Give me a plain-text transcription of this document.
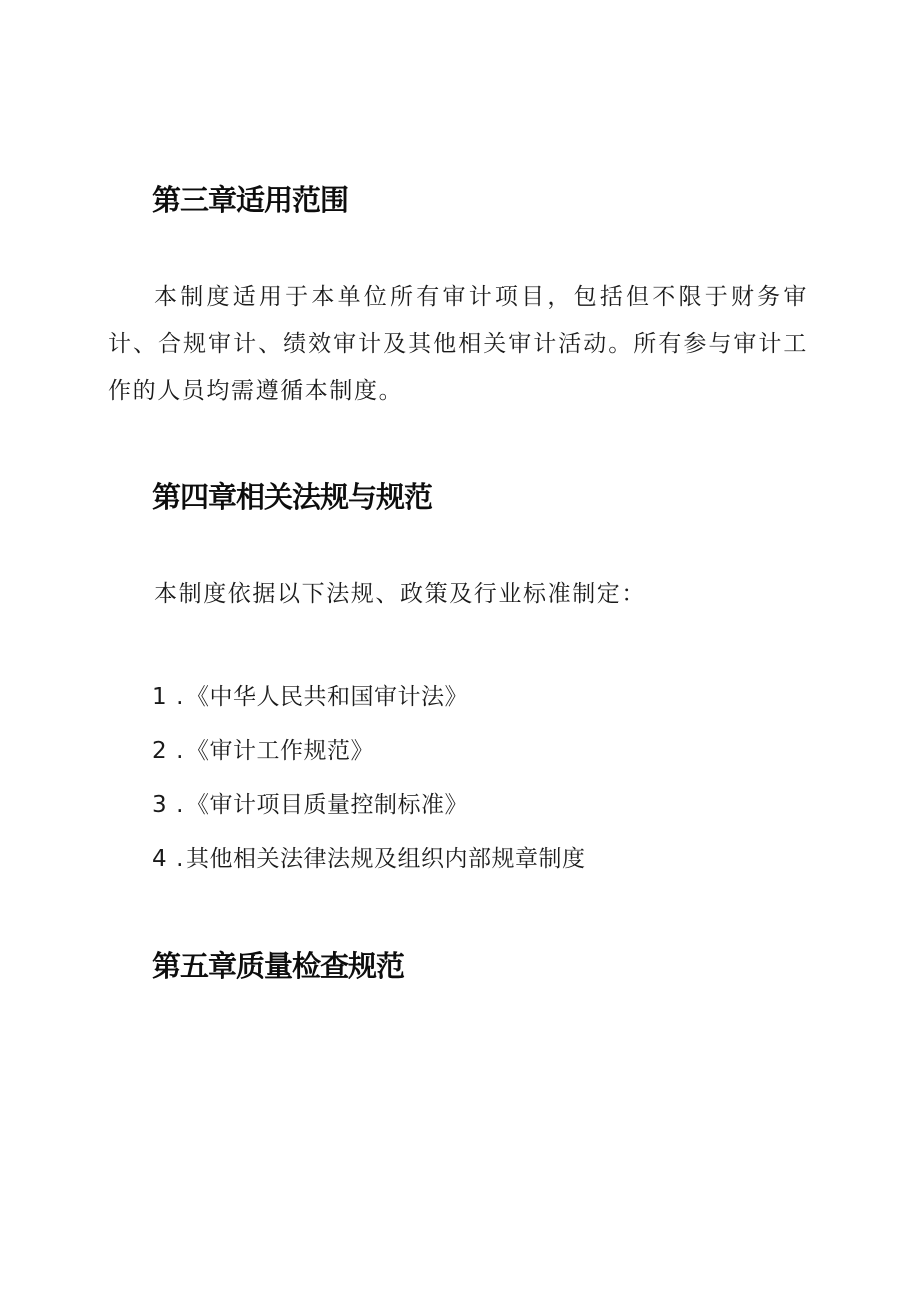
第三章适用范围

本制度适用于本单位所有审计项目，包括但不限于财务审计、合规审计、绩效审计及其他相关审计活动。所有参与审计工作的人员均需遵循本制度。

第四章相关法规与规范

本制度依据以下法规、政策及行业标准制定：

1 .《中华人民共和国审计法》
2 .《审计工作规范》
3 .《审计项目质量控制标准》
4 .其他相关法律法规及组织内部规章制度
第五章质量检查规范
